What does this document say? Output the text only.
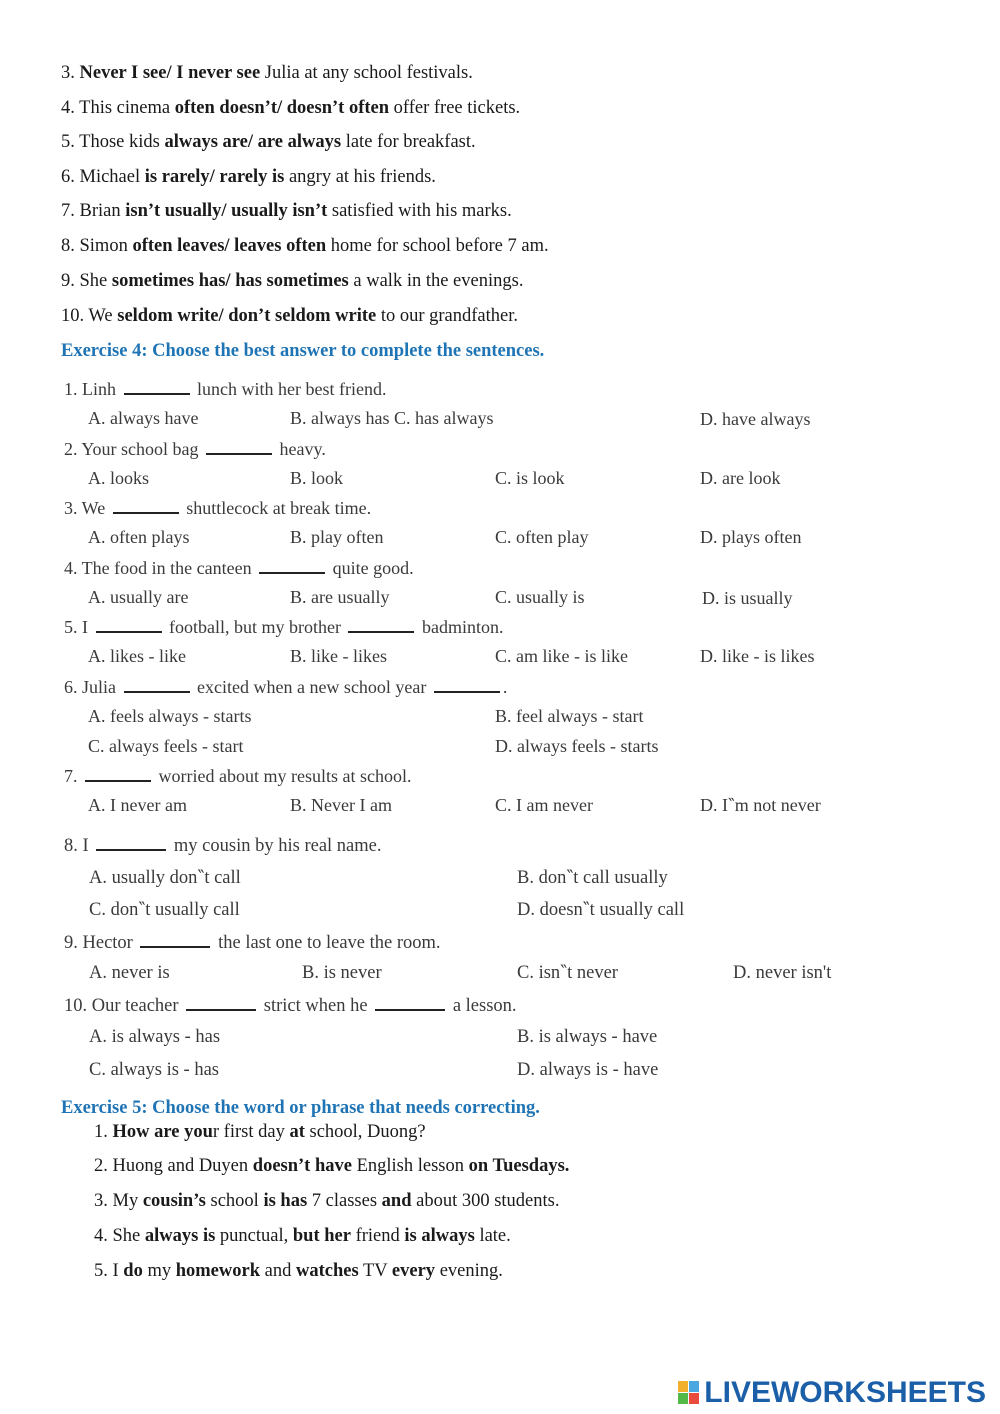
3. Never I see/ I never see Julia at any school festivals.
4. This cinema often doesn’t/ doesn’t often offer free tickets.
5. Those kids always are/ are always late for breakfast.
6. Michael is rarely/ rarely is angry at his friends.
7. Brian isn’t usually/ usually isn’t satisfied with his marks.
8. Simon often leaves/ leaves often home for school before 7 am.
9. She sometimes has/ has sometimes a walk in the evenings.
10. We seldom write/ don’t seldom write to our grandfather.
Exercise 4: Choose the best answer to complete the sentences.
1. Linh	lunch with her best friend.
A. always have	B. always has C. has always	D. have always
2. Your school bag	heavy.
A. looks	B. look	C. is look	D. are look
3. We	shuttlecock at break time.
A. often plays	B. play often	C. often play	D. plays often
4. The food in the canteen	quite good.
A. usually are	B. are usually	C. usually is	D. is usually
5. I	football, but my brother	badminton.
A. likes - like	B. like - likes	C. am like - is like	D. like - is likes
6. Julia	excited when a new school year	.
A. feels always - starts	B. feel always - start
C. always feels - start	D. always feels - starts
7.	worried about my results at school.
A. I never am	B. Never I am	C. I am never	D. I‶m not never
8. I	my cousin by his real name.
A. usually don‶t call	B. don‶t call usually
C. don‶t usually call	D. doesn‶t usually call
9. Hector	the last one to leave the room.
A. never is	B. is never	C. isn‶t never	D. never isn't
10. Our teacher	strict when he	a lesson.
A. is always - has	B. is always - have
C. always is - has	D. always is - have
Exercise 5: Choose the word or phrase that needs correcting.
1. How are your first day at school, Duong?
2. Huong and Duyen doesn’t have English lesson on Tuesdays.
3. My cousin’s school is has 7 classes and about 300 students.
4. She always is punctual, but her friend is always late.
5. I do my homework and watches TV every evening.
LIVEWORKSHEETS
